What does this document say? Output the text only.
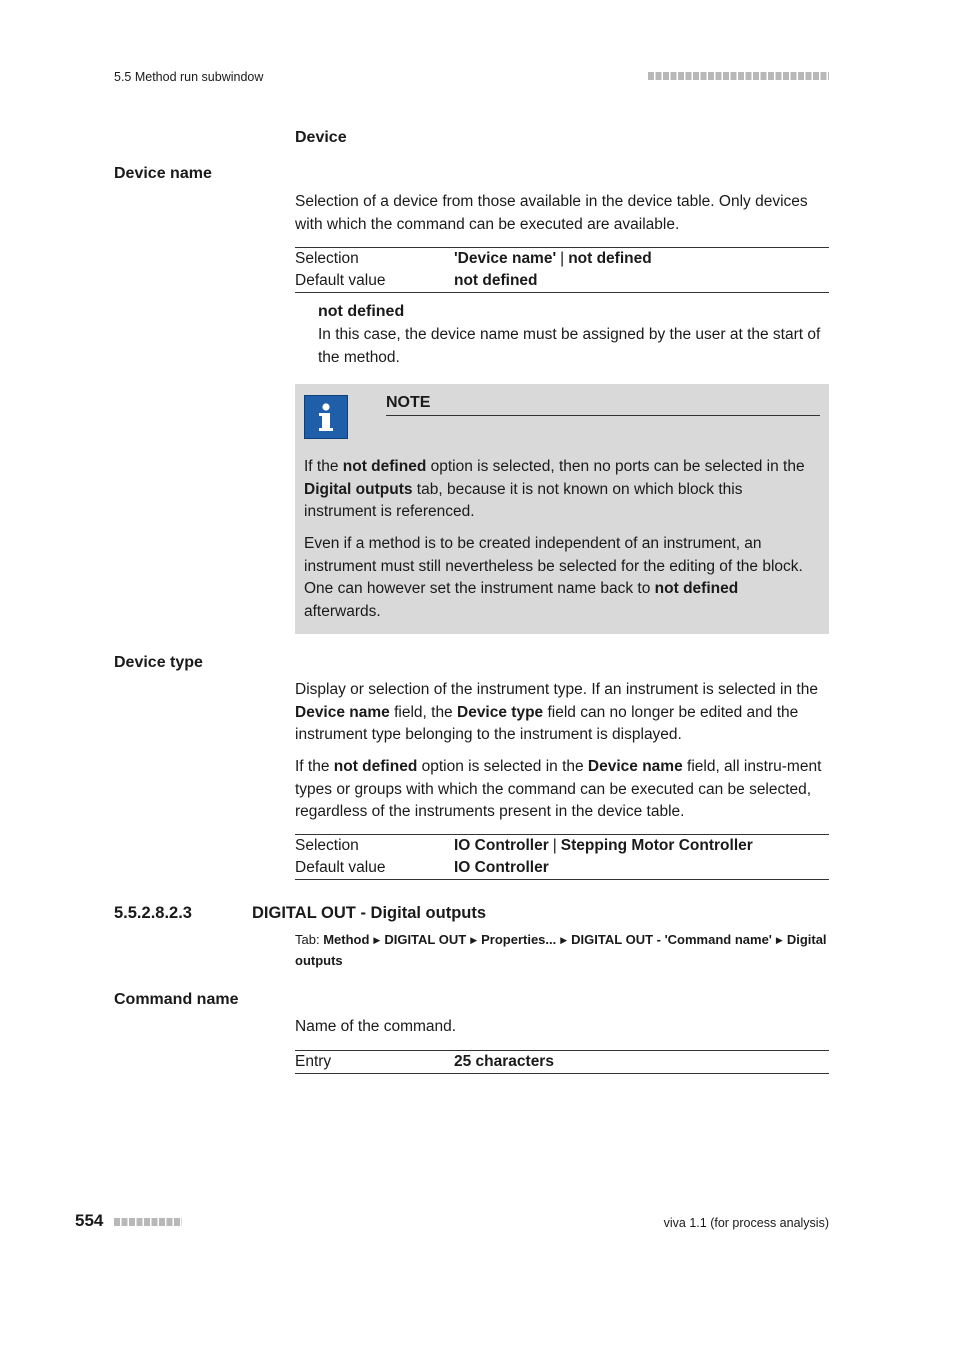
5.5 Method run subwindow
Device
Device name

Selection of a device from those available in the device table. Only devices with which the command can be executed are available.

Selection	'Device name' | not defined
Default value	not defined
not defined

In this case, the device name must be assigned by the user at the start of the method.

NOTE

If the not defined option is selected, then no ports can be selected in the Digital outputs tab, because it is not known on which block this instrument is referenced.

Even if a method is to be created independent of an instrument, an instrument must still nevertheless be selected for the editing of the block. One can however set the instrument name back to not defined afterwards.

Device type

Display or selection of the instrument type. If an instrument is selected in the Device name field, the Device type field can no longer be edited and the instrument type belonging to the instrument is displayed.

If the not defined option is selected in the Device name field, all instru-ment types or groups with which the command can be executed can be selected, regardless of the instruments present in the device table.

Selection	IO Controller | Stepping Motor Controller
Default value	IO Controller
5.5.2.8.2.3	DIGITAL OUT - Digital outputs
Tab: Method ▶ DIGITAL OUT ▶ Properties... ▶ DIGITAL OUT - 'Command name' ▶ Digital outputs
Command name

Name of the command.

Entry	25 characters
554	viva 1.1 (for process analysis)
